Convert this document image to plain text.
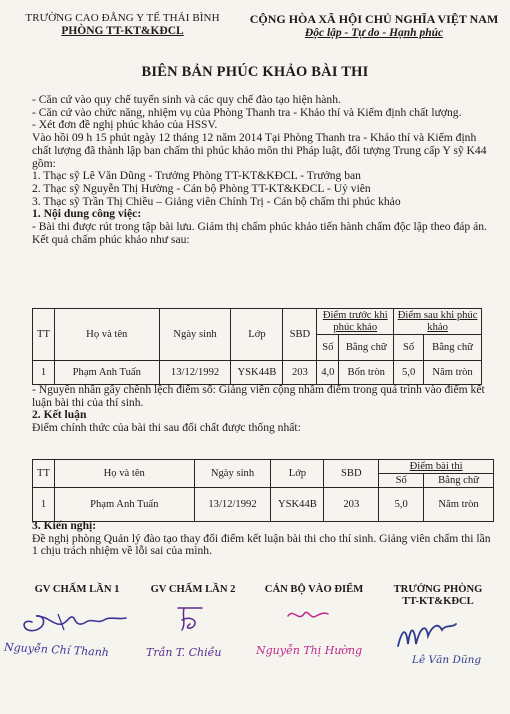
TRƯỜNG CAO ĐẲNG Y TẾ THÁI BÌNH
PHÒNG TT-KT&KĐCL
CỘNG HÒA XÃ HỘI CHỦ NGHĨA VIỆT NAM
Độc lập - Tự do - Hạnh phúc
BIÊN BẢN PHÚC KHẢO BÀI THI

- Căn cứ vào quy chế tuyển sinh và các quy chế đào tạo hiện hành.

- Căn cứ vào chức năng, nhiệm vụ của Phòng Thanh tra - Khảo thí và Kiểm định chất lượng.

- Xét đơn đề nghị phúc khảo của HSSV.

Vào hồi 09 h 15 phút ngày 12 tháng 12 năm 2014 Tại Phòng Thanh tra - Khảo thí và Kiểm định chất lượng đã thành lập ban chấm thi phúc khảo môn thi Pháp luật, đối tượng Trung cấp Y sỹ K44 gồm:

1. Thạc sỹ Lê Văn Dũng - Trưởng Phòng TT-KT&KĐCL - Trưởng ban

2. Thạc sỹ Nguyễn Thị Hường - Cán bộ Phòng TT-KT&KĐCL - Uỷ viên

3. Thạc sỹ Trần Thị Chiều – Giảng viên Chính Trị - Cán bộ chấm thi phúc khảo

1. Nội dung công việc:

- Bài thi được rút trong tập bài lưu. Giám thị chấm phúc khảo tiến hành chấm độc lập theo đáp án. Kết quả chấm phúc khảo như sau:

TT	Họ và tên	Ngày sinh	Lớp	SBD	Điểm trước khi phúc khảo		Điểm sau khi phúc khảo	
					Số	Bằng chữ	Số	Bằng chữ
1	Phạm Anh Tuấn	13/12/1992	YSK44B	203	4,0	Bốn tròn	5,0	Năm tròn

- Nguyên nhân gây chênh lệch điểm số: Giảng viên cộng nhầm điểm trong quá trình vào điểm kết luận bài thi của thí sinh.

2. Kết luận

Điểm chính thức của bài thi sau đổi chất được thống nhất:

TT	Họ và tên	Ngày sinh	Lớp	SBD	Điểm bài thi	
					Số	Bằng chữ
1	Phạm Anh Tuấn	13/12/1992	YSK44B	203	5,0	Năm tròn

3. Kiến nghị:

Đề nghị phòng Quản lý đào tạo thay đổi điểm kết luận bài thi cho thí sinh. Giảng viên chấm thi lần 1 chịu trách nhiệm về lỗi sai của mình.

GV CHẤM LẦN 1	GV CHẤM LẦN 2	CÁN BỘ VÀO ĐIỂM	TRƯỞNG PHÒNG
TT-KT&KĐCL
Nguyễn Chí Thanh	Trần T. Chiều	Nguyễn Thị Hường
Lê Văn Dũng
